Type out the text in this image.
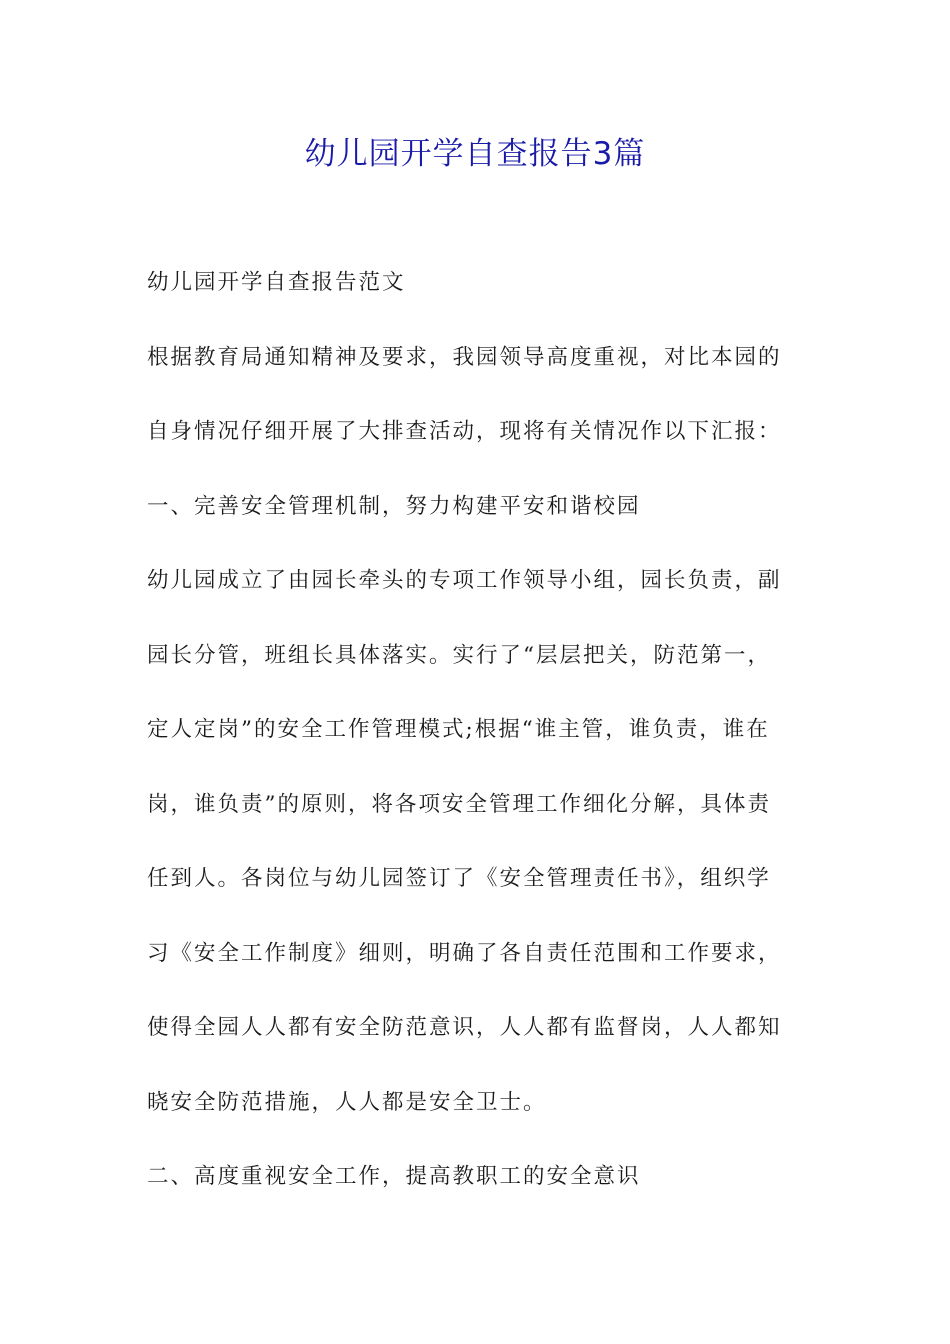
幼儿园开学自查报告3篇

幼儿园开学自查报告范文

根据教育局通知精神及要求，我园领导高度重视，对比本园的

自身情况仔细开展了大排查活动，现将有关情况作以下汇报：

一、完善安全管理机制，努力构建平安和谐校园

幼儿园成立了由园长牵头的专项工作领导小组，园长负责，副

园长分管，班组长具体落实。实行了“层层把关，防范第一，

定人定岗”的安全工作管理模式;根据“谁主管，谁负责，谁在

岗，谁负责”的原则，将各项安全管理工作细化分解，具体责

任到人。各岗位与幼儿园签订了《安全管理责任书》，组织学

习《安全工作制度》细则，明确了各自责任范围和工作要求，

使得全园人人都有安全防范意识，人人都有监督岗，人人都知

晓安全防范措施，人人都是安全卫士。

二、高度重视安全工作，提高教职工的安全意识
